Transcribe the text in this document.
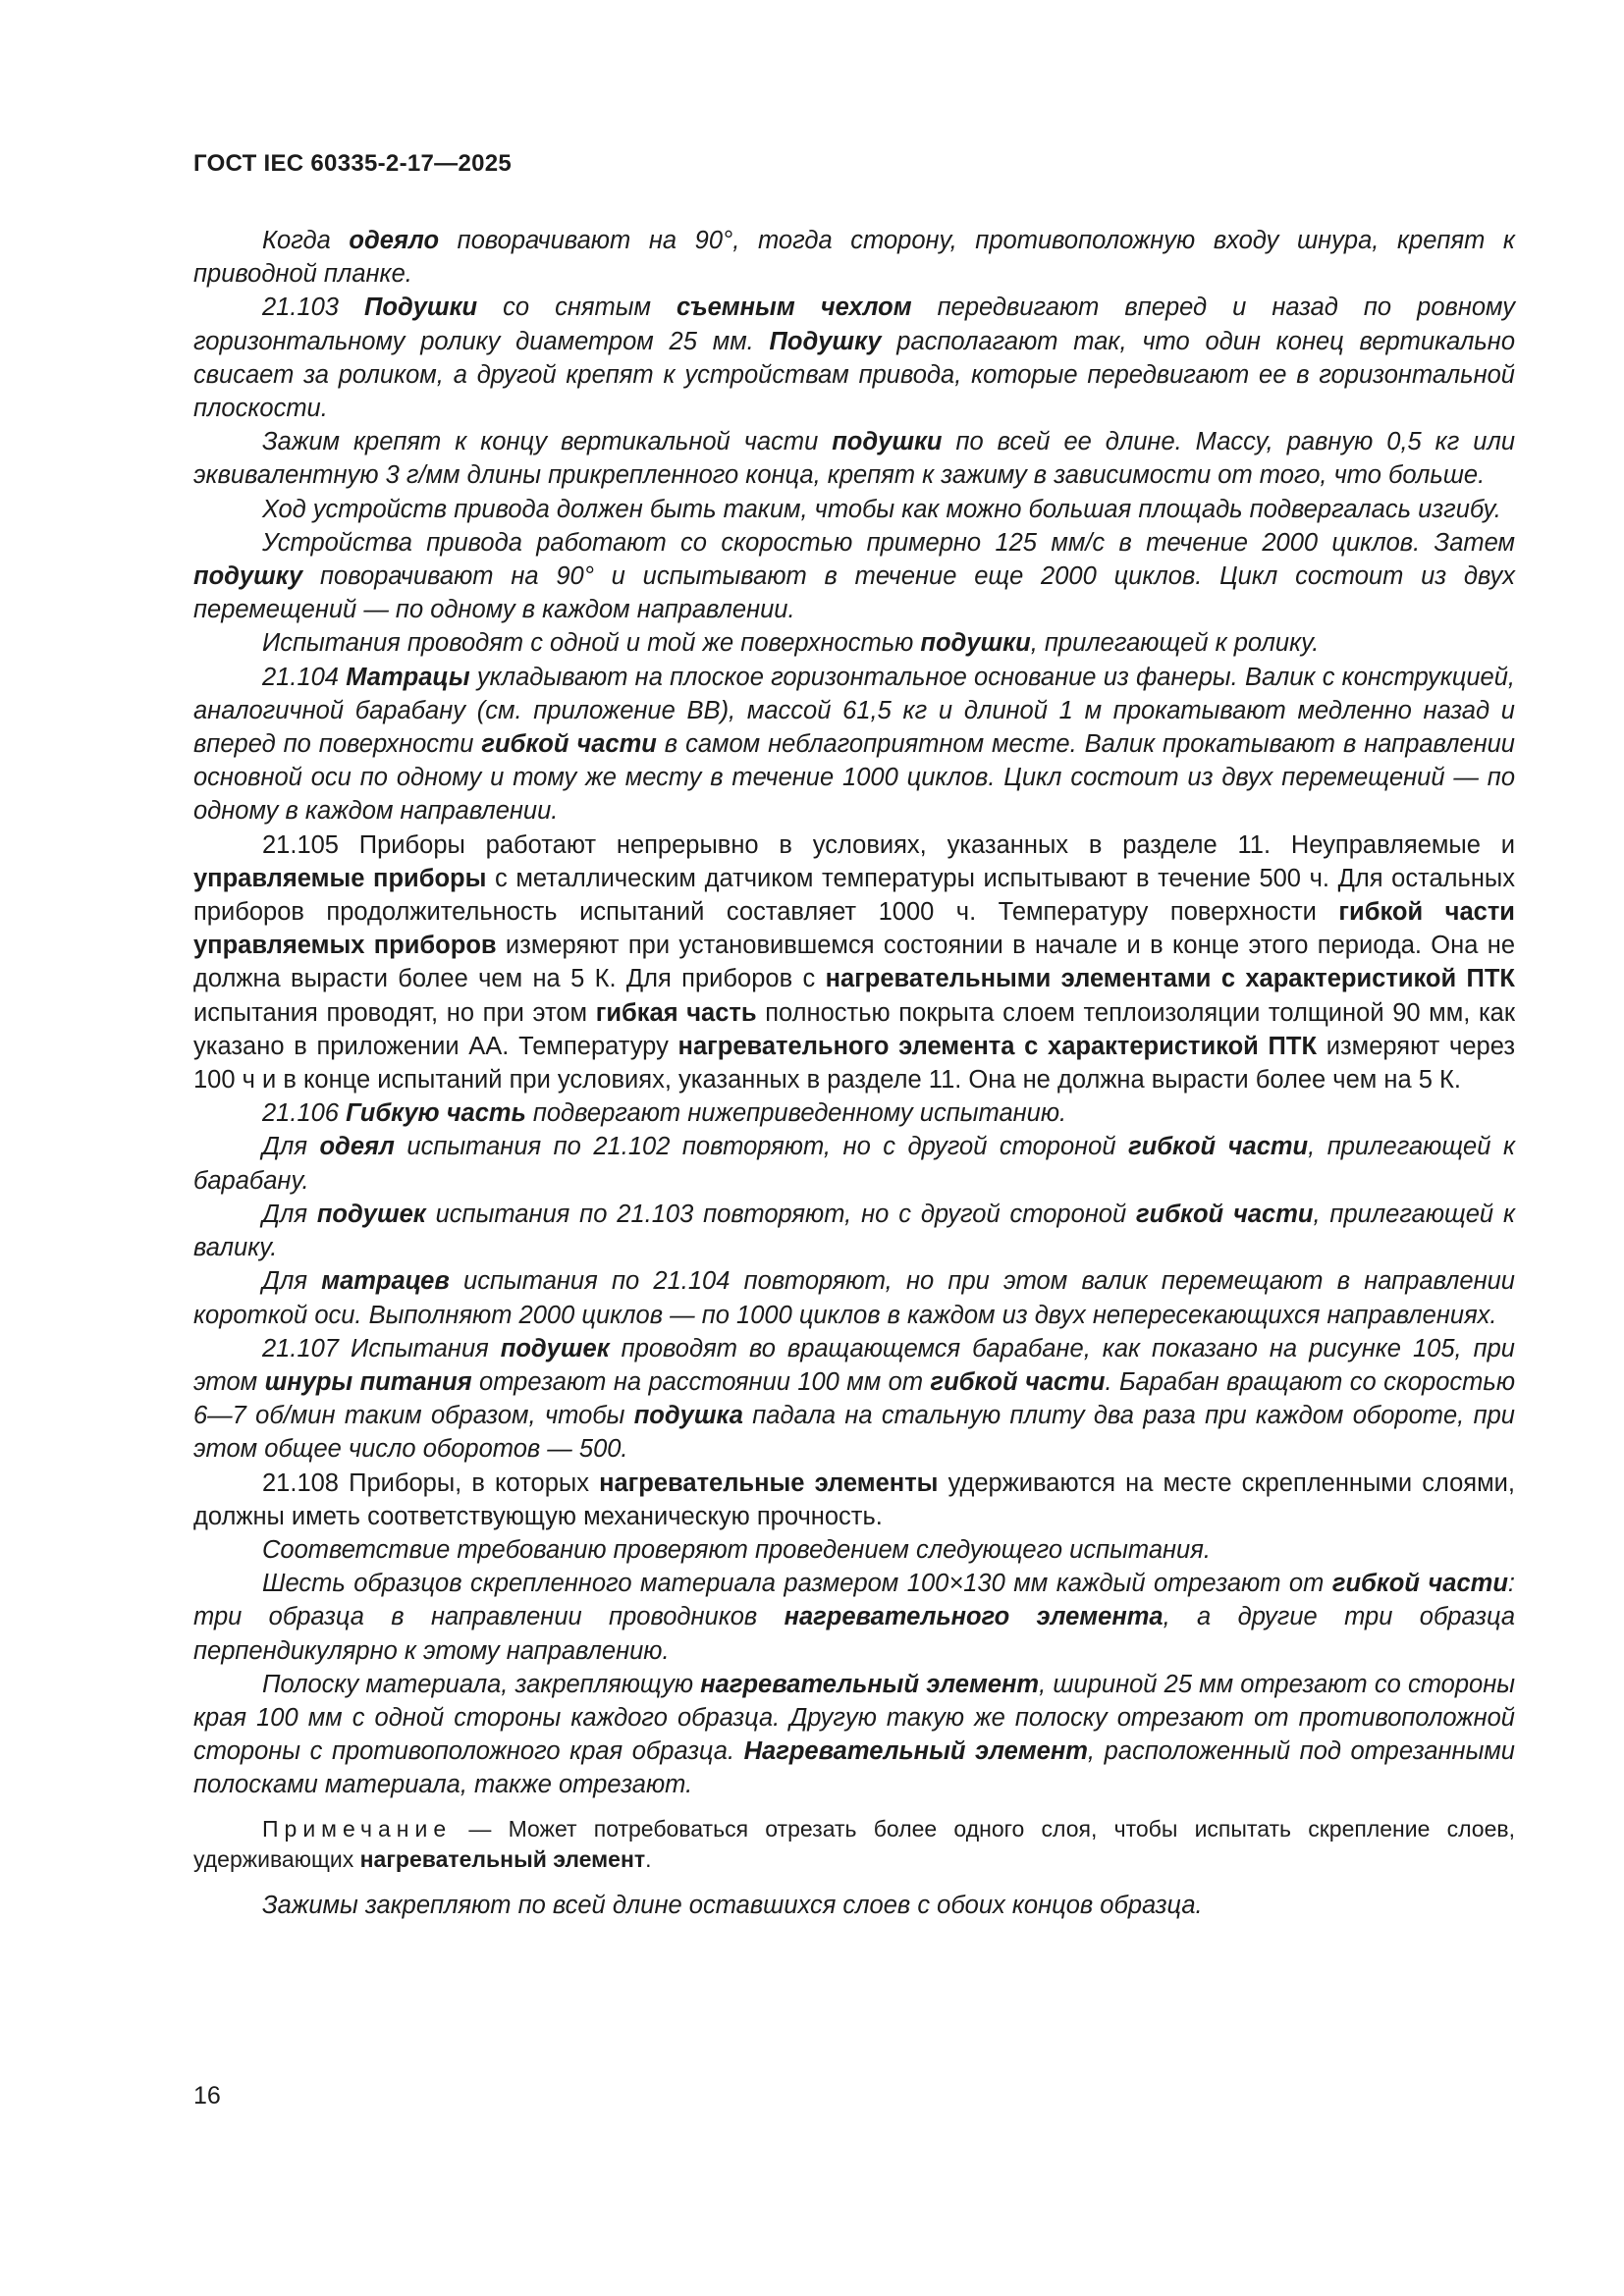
ГОСТ IEC 60335-2-17—2025

Когда одеяло поворачивают на 90°, тогда сторону, противоположную входу шнура, крепят к приводной планке.

21.103 Подушки со снятым съемным чехлом передвигают вперед и назад по ровному горизонтальному ролику диаметром 25 мм. Подушку располагают так, что один конец вертикально свисает за роликом, а другой крепят к устройствам привода, которые передвигают ее в горизонтальной плоскости.

Зажим крепят к концу вертикальной части подушки по всей ее длине. Массу, равную 0,5 кг или эквивалентную 3 г/мм длины прикрепленного конца, крепят к зажиму в зависимости от того, что больше.

Ход устройств привода должен быть таким, чтобы как можно большая площадь подвергалась изгибу.

Устройства привода работают со скоростью примерно 125 мм/с в течение 2000 циклов. Затем подушку поворачивают на 90° и испытывают в течение еще 2000 циклов. Цикл состоит из двух перемещений — по одному в каждом направлении.

Испытания проводят с одной и той же поверхностью подушки, прилегающей к ролику.

21.104 Матрацы укладывают на плоское горизонтальное основание из фанеры. Валик с конструкцией, аналогичной барабану (см. приложение ВВ), массой 61,5 кг и длиной 1 м прокатывают медленно назад и вперед по поверхности гибкой части в самом неблагоприятном месте. Валик прокатывают в направлении основной оси по одному и тому же месту в течение 1000 циклов. Цикл состоит из двух перемещений — по одному в каждом направлении.

21.105 Приборы работают непрерывно в условиях, указанных в разделе 11. Неуправляемые и управляемые приборы с металлическим датчиком температуры испытывают в течение 500 ч. Для остальных приборов продолжительность испытаний составляет 1000 ч. Температуру поверхности гибкой части управляемых приборов измеряют при установившемся состоянии в начале и в конце этого периода. Она не должна вырасти более чем на 5 К. Для приборов с нагревательными элементами с характеристикой ПТК испытания проводят, но при этом гибкая часть полностью покрыта слоем теплоизоляции толщиной 90 мм, как указано в приложении АА. Температуру нагревательного элемента с характеристикой ПТК измеряют через 100 ч и в конце испытаний при условиях, указанных в разделе 11. Она не должна вырасти более чем на 5 К.

21.106 Гибкую часть подвергают нижеприведенному испытанию.

Для одеял испытания по 21.102 повторяют, но с другой стороной гибкой части, прилегающей к барабану.

Для подушек испытания по 21.103 повторяют, но с другой стороной гибкой части, прилегающей к валику.

Для матрацев испытания по 21.104 повторяют, но при этом валик перемещают в направлении короткой оси. Выполняют 2000 циклов — по 1000 циклов в каждом из двух непересекающихся направлениях.

21.107 Испытания подушек проводят во вращающемся барабане, как показано на рисунке 105, при этом шнуры питания отрезают на расстоянии 100 мм от гибкой части. Барабан вращают со скоростью 6—7 об/мин таким образом, чтобы подушка падала на стальную плиту два раза при каждом обороте, при этом общее число оборотов — 500.

21.108 Приборы, в которых нагревательные элементы удерживаются на месте скрепленными слоями, должны иметь соответствующую механическую прочность.

Соответствие требованию проверяют проведением следующего испытания.

Шесть образцов скрепленного материала размером 100×130 мм каждый отрезают от гибкой части: три образца в направлении проводников нагревательного элемента, а другие три образца перпендикулярно к этому направлению.

Полоску материала, закрепляющую нагревательный элемент, шириной 25 мм отрезают со стороны края 100 мм с одной стороны каждого образца. Другую такую же полоску отрезают от противоположной стороны с противоположного края образца. Нагревательный элемент, расположенный под отрезанными полосками материала, также отрезают.

Примечание — Может потребоваться отрезать более одного слоя, чтобы испытать скрепление слоев, удерживающих нагревательный элемент.

Зажимы закрепляют по всей длине оставшихся слоев с обоих концов образца.

16
